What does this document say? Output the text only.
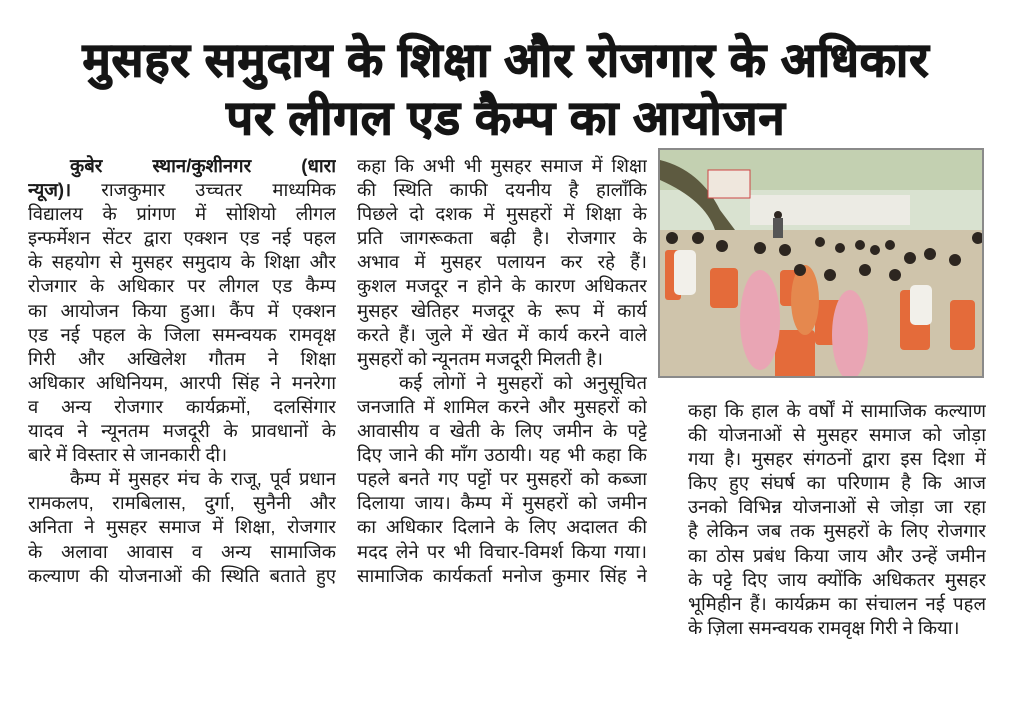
मुसहर समुदाय के शिक्षा और रोजगार के अधिकार
पर लीगल एड कैम्प का आयोजन
कुबेर स्थान/कुशीनगर (धारा
न्यूज)। राजकुमार उच्चतर माध्यमिक
विद्यालय के प्रांगण में सोशियो लीगल
इन्फर्मेशन सेंटर द्वारा एक्शन एड नई पहल
के सहयोग से मुसहर समुदाय के शिक्षा और
रोजगार के अधिकार पर लीगल एड कैम्प
का आयोजन किया हुआ। कैंप में एक्शन
एड नई पहल के जिला समन्वयक रामवृक्ष
गिरी और अखिलेश गौतम ने शिक्षा
अधिकार अधिनियम, आरपी सिंह ने मनरेगा
व अन्य रोजगार कार्यक्रमों, दलसिंगार
यादव ने न्यूनतम मजदूरी के प्रावधानों के
बारे में विस्तार से जानकारी दी।
कैम्प में मुसहर मंच के राजू, पूर्व प्रधान
रामकलप, रामबिलास, दुर्गा, सुनैनी और
अनिता ने मुसहर समाज में शिक्षा, रोजगार
के अलावा आवास व अन्य सामाजिक
कल्याण की योजनाओं की स्थिति बताते हुए
कहा कि अभी भी मुसहर समाज में शिक्षा
की स्थिति काफी दयनीय है हालाँकि
पिछले दो दशक में मुसहरों में शिक्षा के
प्रति जागरूकता बढ़ी है। रोजगार के
अभाव में मुसहर पलायन कर रहे हैं।
कुशल मजदूर न होने के कारण अधिकतर
मुसहर खेतिहर मजदूर के रूप में कार्य
करते हैं। जुले में खेत में कार्य करने वाले
मुसहरों को न्यूनतम मजदूरी मिलती है।
कई लोगों ने मुसहरों को अनुसूचित
जनजाति में शामिल करने और मुसहरों को
आवासीय व खेती के लिए जमीन के पट्टे
दिए जाने की माँग उठायी। यह भी कहा कि
पहले बनते गए पट्टों पर मुसहरों को कब्जा
दिलाया जाय। कैम्प में मुसहरों को जमीन
का अधिकार दिलाने के लिए अदालत की
मदद लेने पर भी विचार-विमर्श किया गया।
सामाजिक कार्यकर्ता मनोज कुमार सिंह ने
कहा कि हाल के वर्षों में सामाजिक कल्याण
की योजनाओं से मुसहर समाज को जोड़ा
गया है। मुसहर संगठनों द्वारा इस दिशा में
किए हुए संघर्ष का परिणाम है कि आज
उनको विभिन्न योजनाओं से जोड़ा जा रहा
है लेकिन जब तक मुसहरों के लिए रोजगार
का ठोस प्रबंध किया जाय और उन्हें जमीन
के पट्टे दिए जाय क्योंकि अधिकतर मुसहर
भूमिहीन हैं। कार्यक्रम का संचालन नई पहल
के ज़िला समन्वयक रामवृक्ष गिरी ने किया।
